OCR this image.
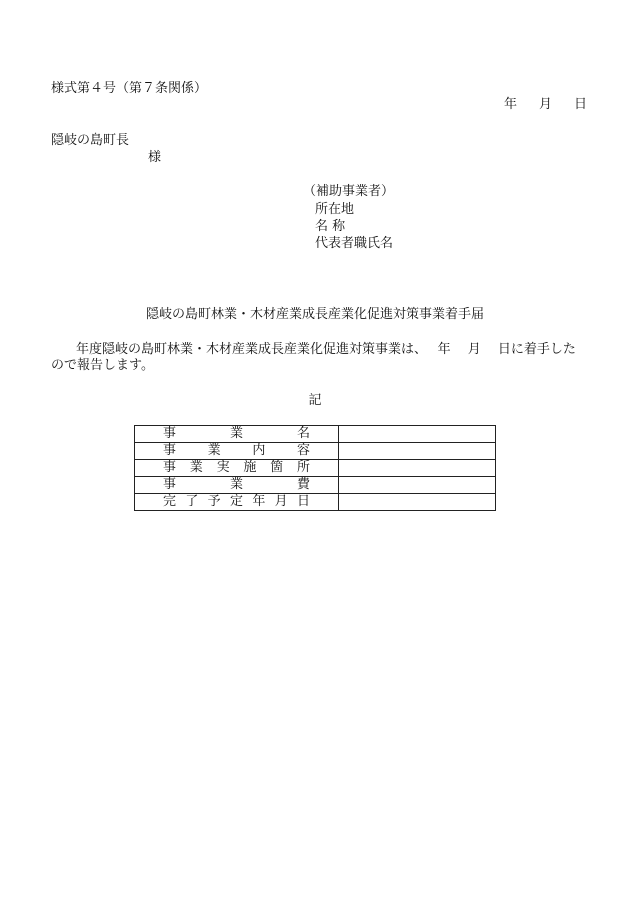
様式第４号（第７条関係）
年 月 日
隠岐の島町長
様
（補助事業者）
所在地
名 称
代表者職氏名
隠岐の島町林業・木材産業成長産業化促進対策事業着手届
年度隠岐の島町林業・木材産業成長産業化促進対策事業は、　 年　 月　 日に着手した
ので報告します。
記
事業名	
事業内容	
事業実施箇所	
事業費	
完了予定年月日	
